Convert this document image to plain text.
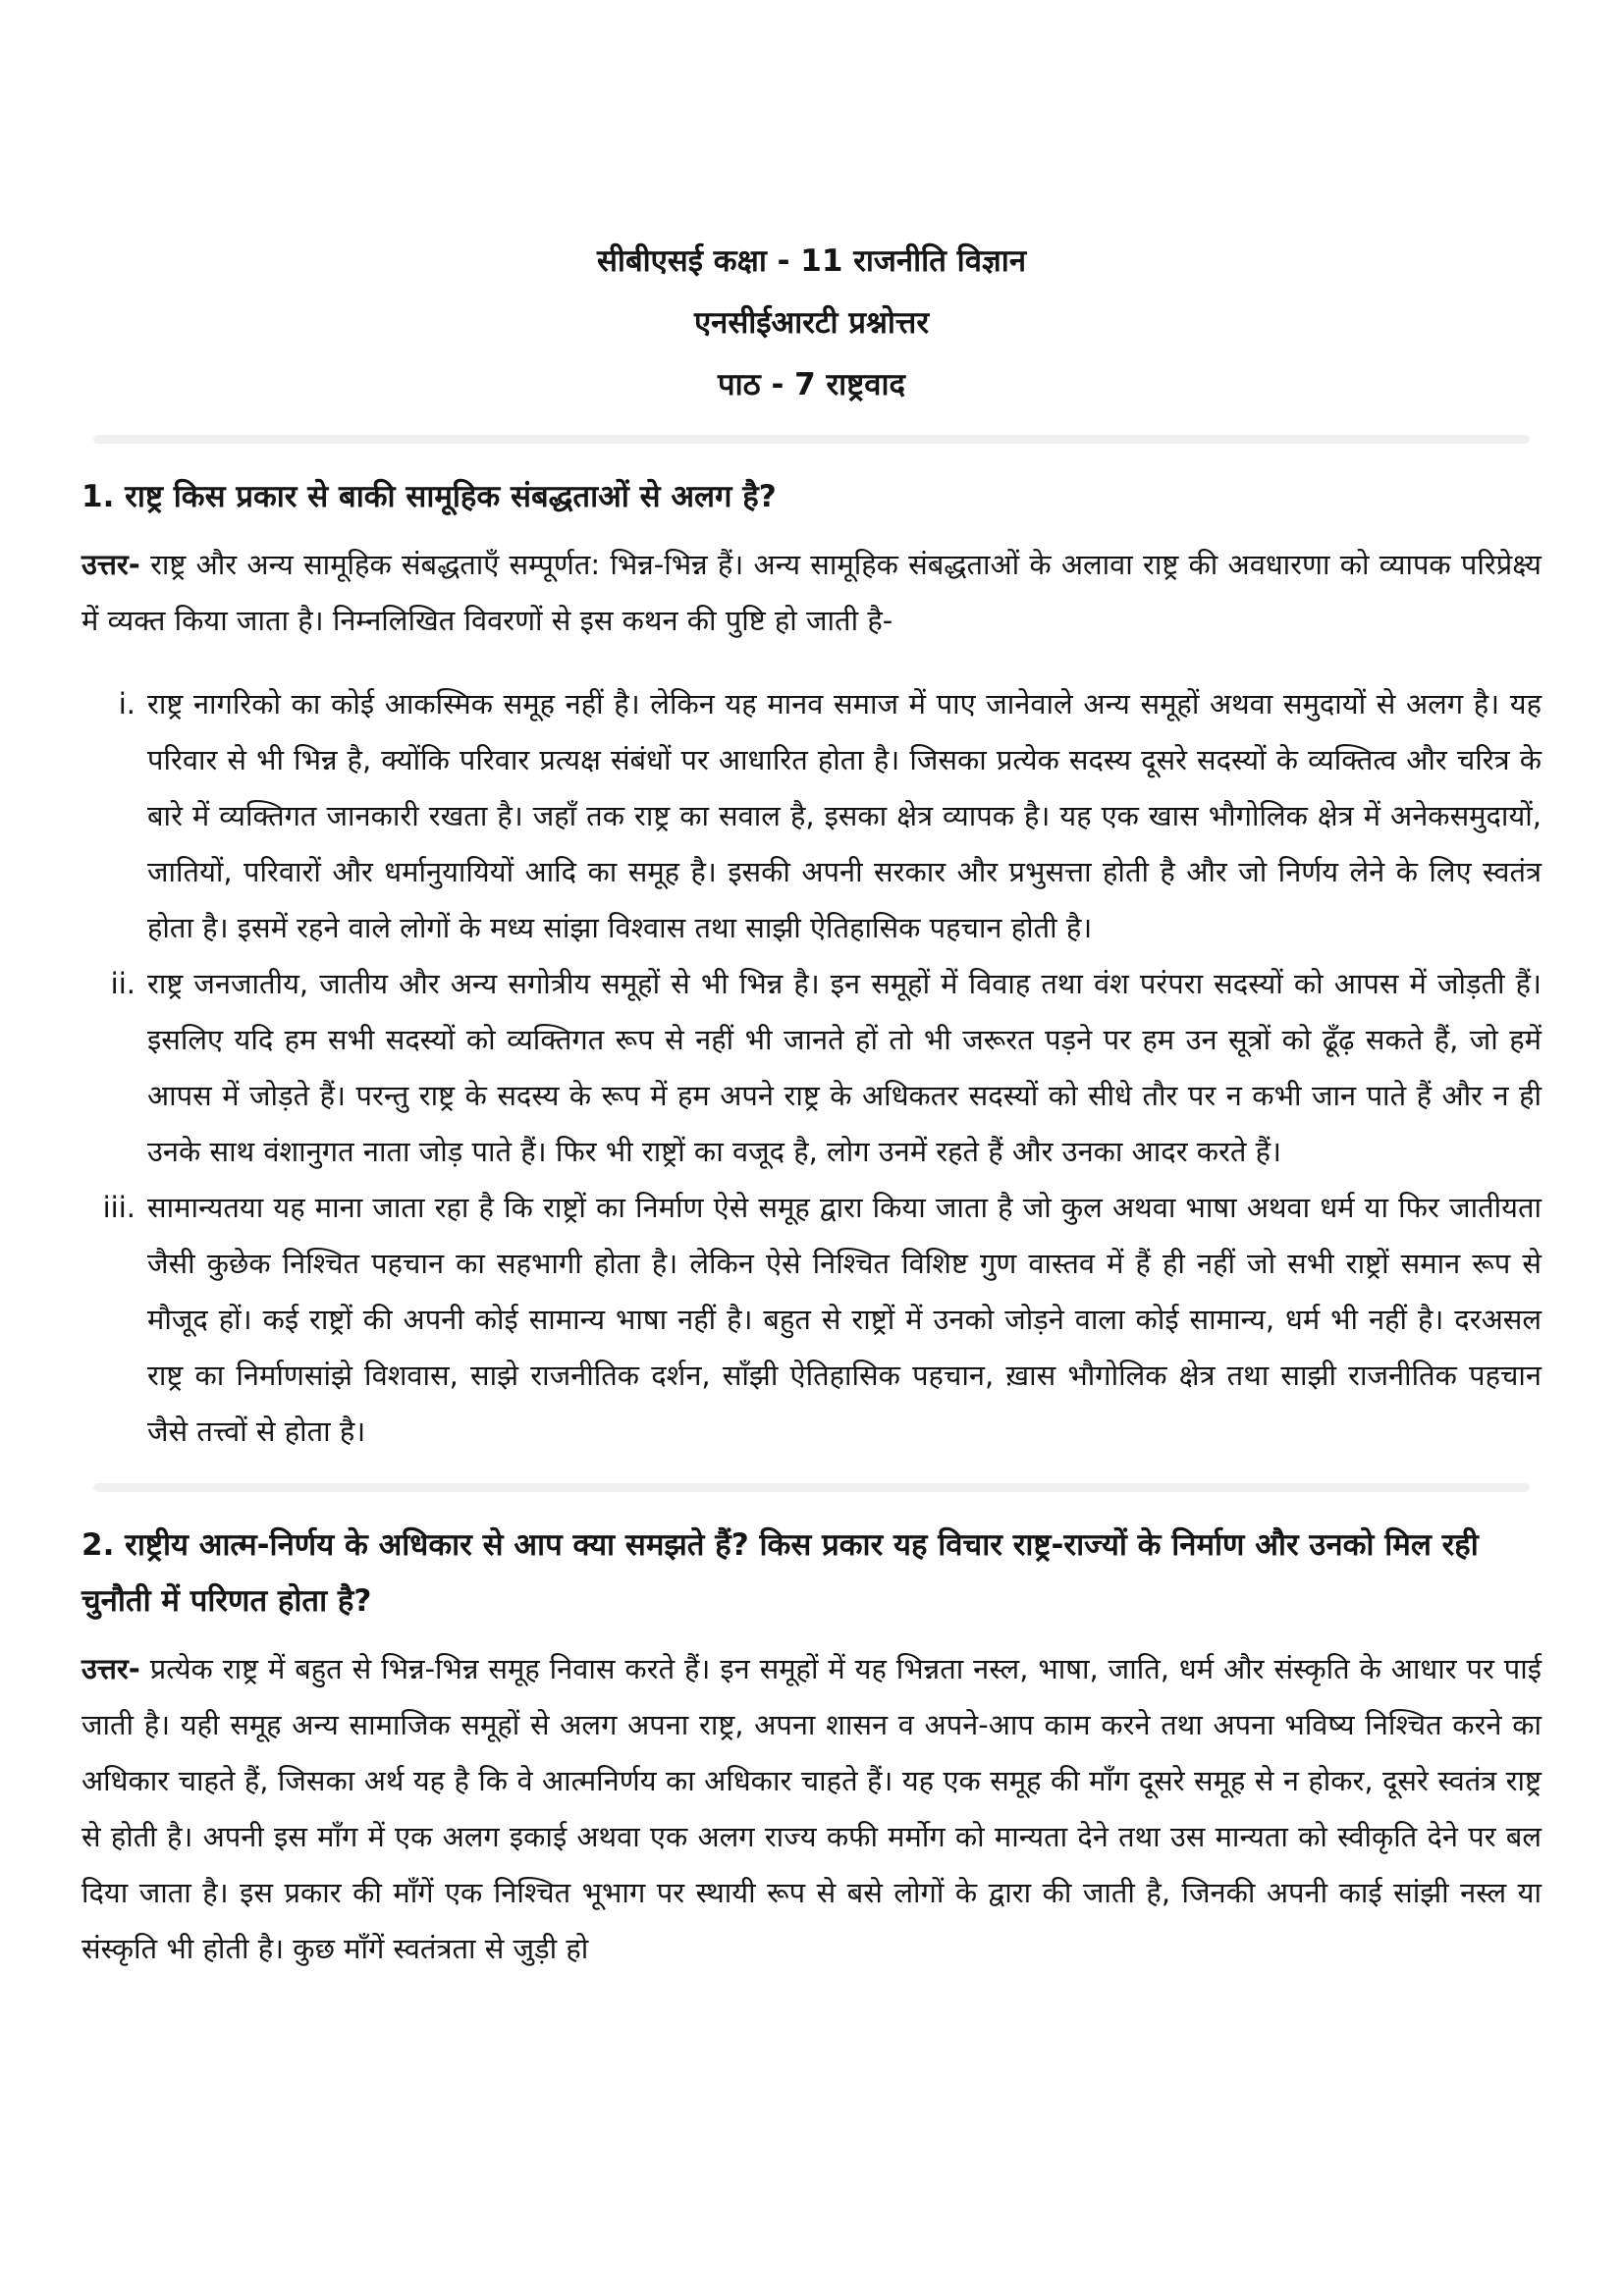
सीबीएसई कक्षा - 11 राजनीति विज्ञान
एनसीईआरटी प्रश्नोत्तर
पाठ - 7 राष्ट्रवाद
1. राष्ट्र किस प्रकार से बाकी सामूहिक संबद्धताओं से अलग है?
उत्तर- राष्ट्र और अन्य सामूहिक संबद्धताएँ सम्पूर्णत: भिन्न-भिन्न हैं। अन्य सामूहिक संबद्धताओं के अलावा राष्ट्र की अवधारणा को व्यापक परिप्रेक्ष्य में व्यक्त किया जाता है। निम्नलिखित विवरणों से इस कथन की पुष्टि हो जाती है-
i. राष्ट्र नागरिको का कोई आकस्मिक समूह नहीं है। लेकिन यह मानव समाज में पाए जानेवाले अन्य समूहों अथवा समुदायों से अलग है। यह परिवार से भी भिन्न है, क्योंकि परिवार प्रत्यक्ष संबंधों पर आधारित होता है। जिसका प्रत्येक सदस्य दूसरे सदस्यों के व्यक्तित्व और चरित्र के बारे में व्यक्तिगत जानकारी रखता है। जहाँ तक राष्ट्र का सवाल है, इसका क्षेत्र व्यापक है। यह एक खास भौगोलिक क्षेत्र में अनेकसमुदायों, जातियों, परिवारों और धर्मानुयायियों आदि का समूह है। इसकी अपनी सरकार और प्रभुसत्ता होती है और जो निर्णय लेने के लिए स्वतंत्र होता है। इसमें रहने वाले लोगों के मध्य सांझा विश्वास तथा साझी ऐतिहासिक पहचान होती है।
ii. राष्ट्र जनजातीय, जातीय और अन्य सगोत्रीय समूहों से भी भिन्न है। इन समूहों में विवाह तथा वंश परंपरा सदस्यों को आपस में जोड़ती हैं। इसलिए यदि हम सभी सदस्यों को व्यक्तिगत रूप से नहीं भी जानते हों तो भी जरूरत पड़ने पर हम उन सूत्रों को ढूँढ़ सकते हैं, जो हमें आपस में जोड़ते हैं। परन्तु राष्ट्र के सदस्य के रूप में हम अपने राष्ट्र के अधिकतर सदस्यों को सीधे तौर पर न कभी जान पाते हैं और न ही उनके साथ वंशानुगत नाता जोड़ पाते हैं। फिर भी राष्ट्रों का वजूद है, लोग उनमें रहते हैं और उनका आदर करते हैं।
iii. सामान्यतया यह माना जाता रहा है कि राष्ट्रों का निर्माण ऐसे समूह द्वारा किया जाता है जो कुल अथवा भाषा अथवा धर्म या फिर जातीयता जैसी कुछेक निश्चित पहचान का सहभागी होता है। लेकिन ऐसे निश्चित विशिष्ट गुण वास्तव में हैं ही नहीं जो सभी राष्ट्रों समान रूप से मौजूद हों। कई राष्ट्रों की अपनी कोई सामान्य भाषा नहीं है। बहुत से राष्ट्रों में उनको जोड़ने वाला कोई सामान्य, धर्म भी नहीं है। दरअसल राष्ट्र का निर्माणसांझे विशवास, साझे राजनीतिक दर्शन, साँझी ऐतिहासिक पहचान, ख़ास भौगोलिक क्षेत्र तथा साझी राजनीतिक पहचान जैसे तत्त्वों से होता है।
2. राष्ट्रीय आत्म-निर्णय के अधिकार से आप क्या समझते हैं? किस प्रकार यह विचार राष्ट्र-राज्यों के निर्माण और उनको मिल रही चुनौती में परिणत होता है?
उत्तर- प्रत्येक राष्ट्र में बहुत से भिन्न-भिन्न समूह निवास करते हैं। इन समूहों में यह भिन्नता नस्ल, भाषा, जाति, धर्म और संस्कृति के आधार पर पाई जाती है। यही समूह अन्य सामाजिक समूहों से अलग अपना राष्ट्र, अपना शासन व अपने-आप काम करने तथा अपना भविष्य निश्चित करने का अधिकार चाहते हैं, जिसका अर्थ यह है कि वे आत्मनिर्णय का अधिकार चाहते हैं। यह एक समूह की माँग दूसरे समूह से न होकर, दूसरे स्वतंत्र राष्ट्र से होती है। अपनी इस माँग में एक अलग इकाई अथवा एक अलग राज्य कफी मर्मोग को मान्यता देने तथा उस मान्यता को स्वीकृति देने पर बल दिया जाता है। इस प्रकार की माँगें एक निश्चित भूभाग पर स्थायी रूप से बसे लोगों के द्वारा की जाती है, जिनकी अपनी काई सांझी नस्ल या संस्कृति भी होती है। कुछ माँगें स्वतंत्रता से जुड़ी हो
